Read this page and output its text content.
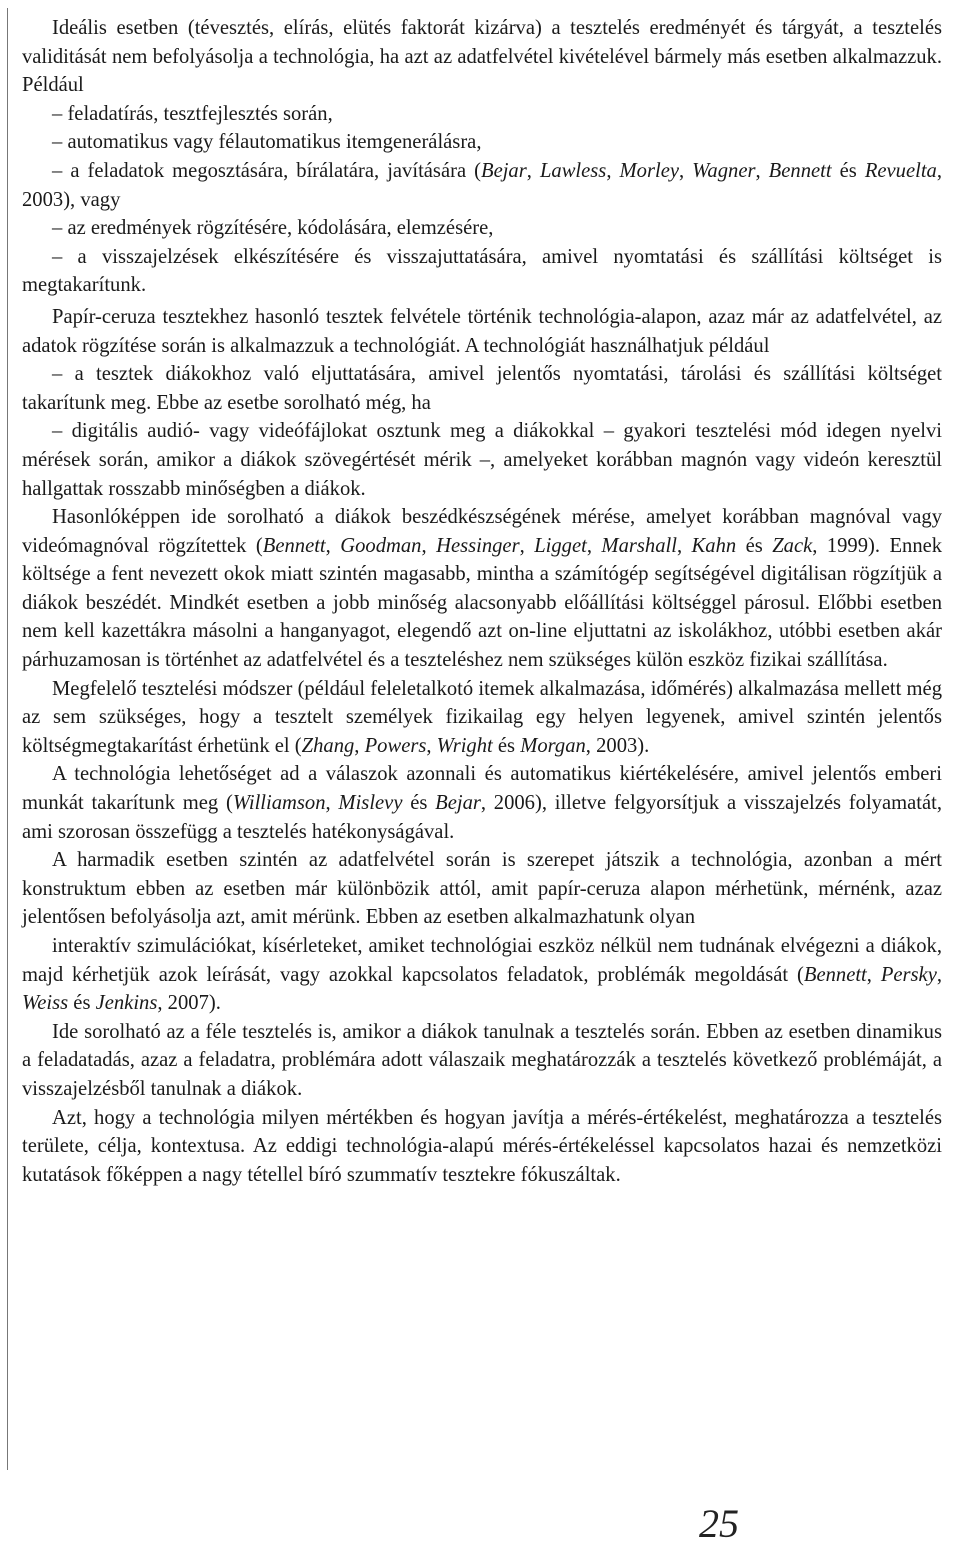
Ideális esetben (tévesztés, elírás, elütés faktorát kizárva) a tesztelés eredményét és tárgyát, a tesztelés validitását nem befolyásolja a technológia, ha azt az adatfelvétel kivételével bármely más esetben alkalmazzuk. Például

– feladatírás, tesztfejlesztés során,

– automatikus vagy félautomatikus itemgenerálásra,

– a feladatok megosztására, bírálatára, javítására (Bejar, Lawless, Morley, Wagner, Bennett és Revuelta, 2003), vagy

– az eredmények rögzítésére, kódolására, elemzésére,

– a visszajelzések elkészítésére és visszajuttatására, amivel nyomtatási és szállítási költséget is megtakarítunk.

Papír-ceruza tesztekhez hasonló tesztek felvétele történik technológia-alapon, azaz már az adatfelvétel, az adatok rögzítése során is alkalmazzuk a technológiát. A technológiát használhatjuk például

– a tesztek diákokhoz való eljuttatására, amivel jelentős nyomtatási, tárolási és szállítási költséget takarítunk meg. Ebbe az esetbe sorolható még, ha

– digitális audió- vagy videófájlokat osztunk meg a diákokkal – gyakori tesztelési mód idegen nyelvi mérések során, amikor a diákok szövegértését mérik –, amelyeket korábban magnón vagy videón keresztül hallgattak rosszabb minőségben a diákok.

Hasonlóképpen ide sorolható a diákok beszédkészségének mérése, amelyet korábban magnóval vagy videómagnóval rögzítettek (Bennett, Goodman, Hessinger, Ligget, Marshall, Kahn és Zack, 1999). Ennek költsége a fent nevezett okok miatt szintén magasabb, mintha a számítógép segítségével digitálisan rögzítjük a diákok beszédét. Mindkét esetben a jobb minőség alacsonyabb előállítási költséggel párosul. Előbbi esetben nem kell kazettákra másolni a hanganyagot, elegendő azt on-line eljuttatni az iskolákhoz, utóbbi esetben akár párhuzamosan is történhet az adatfelvétel és a teszteléshez nem szükséges külön eszköz fizikai szállítása.

Megfelelő tesztelési módszer (például feleletalkotó itemek alkalmazása, időmérés) alkalmazása mellett még az sem szükséges, hogy a tesztelt személyek fizikailag egy helyen legyenek, amivel szintén jelentős költségmegtakarítást érhetünk el (Zhang, Powers, Wright és Morgan, 2003).

A technológia lehetőséget ad a válaszok azonnali és automatikus kiértékelésére, amivel jelentős emberi munkát takarítunk meg (Williamson, Mislevy és Bejar, 2006), illetve felgyorsítjuk a visszajelzés folyamatát, ami szorosan összefügg a tesztelés hatékonyságával.

A harmadik esetben szintén az adatfelvétel során is szerepet játszik a technológia, azonban a mért konstruktum ebben az esetben már különbözik attól, amit papír-ceruza alapon mérhetünk, mérnénk, azaz jelentősen befolyásolja azt, amit mérünk. Ebben az esetben alkalmazhatunk olyan

interaktív szimulációkat, kísérleteket, amiket technológiai eszköz nélkül nem tudnának elvégezni a diákok, majd kérhetjük azok leírását, vagy azokkal kapcsolatos feladatok, problémák megoldását (Bennett, Persky, Weiss és Jenkins, 2007).

Ide sorolható az a féle tesztelés is, amikor a diákok tanulnak a tesztelés során. Ebben az esetben dinamikus a feladatadás, azaz a feladatra, problémára adott válaszaik meghatározzák a tesztelés következő problémáját, a visszajelzésből tanulnak a diákok.

Azt, hogy a technológia milyen mértékben és hogyan javítja a mérés-értékelést, meghatározza a tesztelés területe, célja, kontextusa. Az eddigi technológia-alapú mérés-értékeléssel kapcsolatos hazai és nemzetközi kutatások főképpen a nagy tétellel bíró szummatív tesztekre fókuszáltak.

25
